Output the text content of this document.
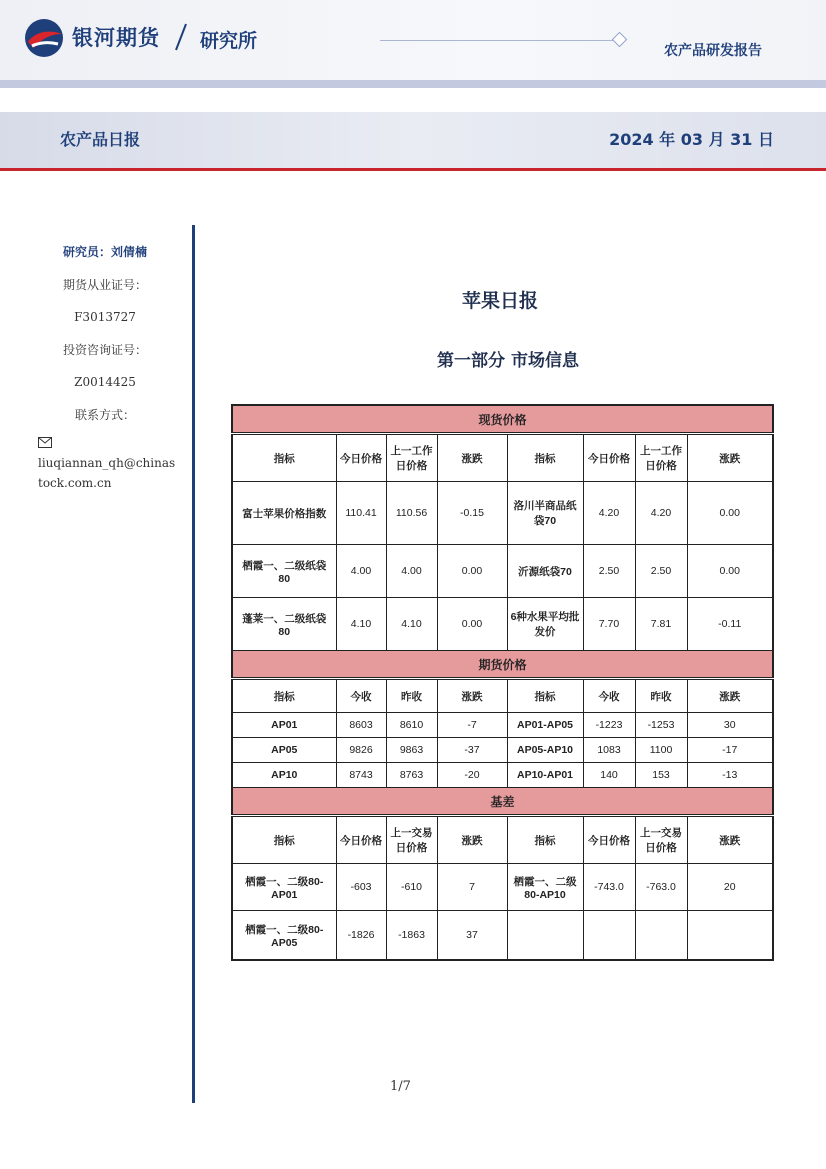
银河期货 研究所	农产品研发报告
农产品日报	2024 年 03 月 31 日
研究员：刘倩楠
期货从业证号：
F3013727
投资咨询证号：
Z0014425
联系方式：
liuqiannan_qh@chinas
tock.com.cn
苹果日报
第一部分 市场信息
现货价格							
指标	今日价格	上一工作日价格	涨跌	指标	今日价格	上一工作日价格	涨跌
富士苹果价格指数	110.41	110.56	-0.15	洛川半商品纸袋70	4.20	4.20	0.00
栖霞一、二级纸袋 80	4.00	4.00	0.00	沂源纸袋70	2.50	2.50	0.00
蓬莱一、二级纸袋 80	4.10	4.10	0.00	6种水果平均批发价	7.70	7.81	-0.11
期货价格							
指标	今收	昨收	涨跌	指标	今收	昨收	涨跌
AP01	8603	8610	-7	AP01-AP05	-1223	-1253	30
AP05	9826	9863	-37	AP05-AP10	1083	1100	-17
AP10	8743	8763	-20	AP10-AP01	140	153	-13
基差							
指标	今日价格	上一交易日价格	涨跌	指标	今日价格	上一交易日价格	涨跌
栖霞一、二级80-AP01	-603	-610	7	栖霞一、二级80-AP10	-743.0	-763.0	20
栖霞一、二级80-AP05	-1826	-1863	37				
1/7
